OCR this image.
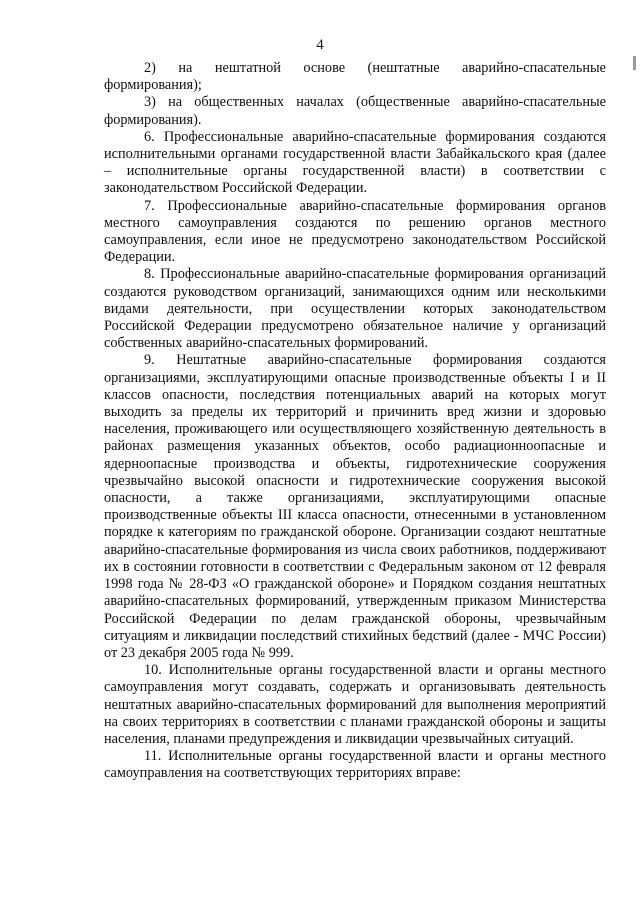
4

2) на нештатной основе (нештатные аварийно-спасательные формирования);

3) на общественных началах (общественные аварийно-спасательные формирования).

6. Профессиональные аварийно-спасательные формирования создаются исполнительными органами государственной власти Забайкальского края (далее – исполнительные органы государственной власти) в соответствии с законодательством Российской Федерации.

7. Профессиональные аварийно-спасательные формирования органов местного самоуправления создаются по решению органов местного самоуправления, если иное не предусмотрено законодательством Российской Федерации.

8. Профессиональные аварийно-спасательные формирования организаций создаются руководством организаций, занимающихся одним или несколькими видами деятельности, при осуществлении которых законодательством Российской Федерации предусмотрено обязательное наличие у организаций собственных аварийно-спасательных формирований.

9. Нештатные аварийно-спасательные формирования создаются организациями, эксплуатирующими опасные производственные объекты I и II классов опасности, последствия потенциальных аварий на которых могут выходить за пределы их территорий и причинить вред жизни и здоровью населения, проживающего или осуществляющего хозяйственную деятельность в районах размещения указанных объектов, особо радиационноопасные и ядерноопасные производства и объекты, гидротехнические сооружения чрезвычайно высокой опасности и гидротехнические сооружения высокой опасности, а также организациями, эксплуатирующими опасные производственные объекты III класса опасности, отнесенными в установленном порядке к категориям по гражданской обороне. Организации создают нештатные аварийно-спасательные формирования из числа своих работников, поддерживают их в состоянии готовности в соответствии с Федеральным законом от 12 февраля 1998 года № 28-ФЗ «О гражданской обороне» и Порядком создания нештатных аварийно-спасательных формирований, утвержденным приказом Министерства Российской Федерации по делам гражданской обороны, чрезвычайным ситуациям и ликвидации последствий стихийных бедствий (далее - МЧС России) от 23 декабря 2005 года № 999.

10. Исполнительные органы государственной власти и органы местного самоуправления могут создавать, содержать и организовывать деятельность нештатных аварийно-спасательных формирований для выполнения мероприятий на своих территориях в соответствии с планами гражданской обороны и защиты населения, планами предупреждения и ликвидации чрезвычайных ситуаций.

11. Исполнительные органы государственной власти и органы местного самоуправления на соответствующих территориях вправе:
